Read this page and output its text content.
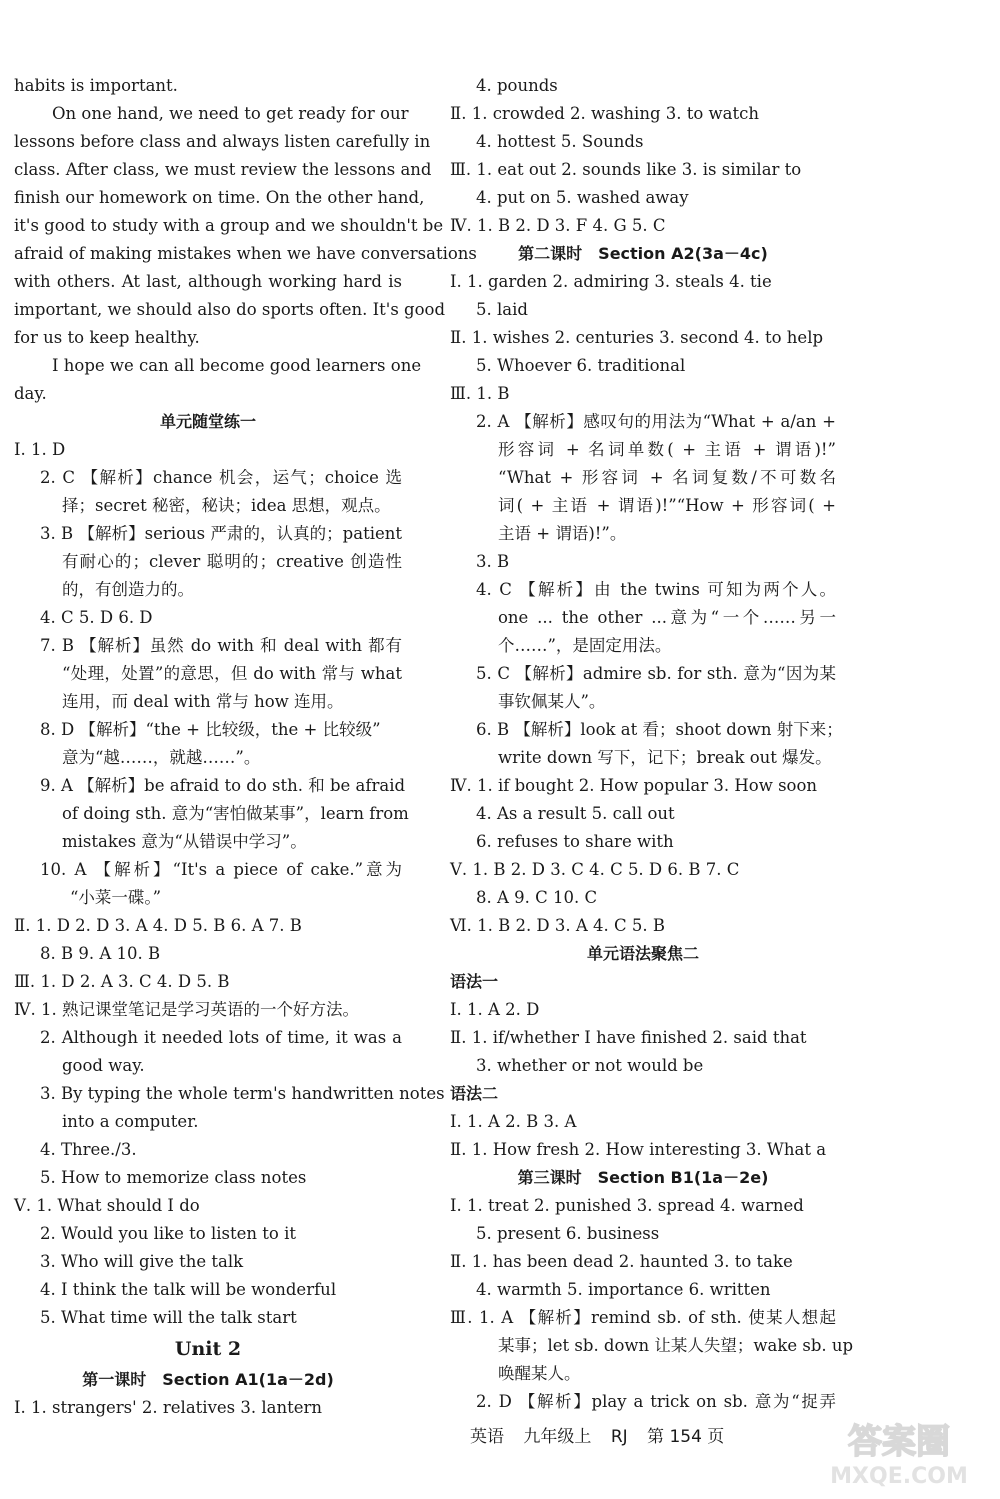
habits is important.
On one hand, we need to get ready for our
lessons before class and always listen carefully in
class. After class, we must review the lessons and
finish our homework on time. On the other hand,
it's good to study with a group and we shouldn't be
afraid of making mistakes when we have conversations
with others. At last, although working hard is
important, we should also do sports often. It's good
for us to keep healthy.
I hope we can all become good learners one
day.
单元随堂练一
Ⅰ. 1. D
2. C 【解析】chance 机会，运气；choice 选
择；secret 秘密，秘诀；idea 思想，观点。
3. B 【解析】serious 严肃的，认真的；patient
有耐心的；clever 聪明的；creative 创造性
的，有创造力的。
4. C 5. D 6. D
7. B 【解析】虽然 do with 和 deal with 都有
“处理，处置”的意思，但 do with 常与 what
连用，而 deal with 常与 how 连用。
8. D 【解析】“the + 比较级，the + 比较级”
意为“越……，就越……”。
9. A 【解析】be afraid to do sth. 和 be afraid
of doing sth. 意为“害怕做某事”，learn from
mistakes 意为“从错误中学习”。
10. A 【解析】“It's a piece of cake.”意为
“小菜一碟。”
Ⅱ. 1. D 2. D 3. A 4. D 5. B 6. A 7. B
8. B 9. A 10. B
Ⅲ. 1. D 2. A 3. C 4. D 5. B
Ⅳ. 1. 熟记课堂笔记是学习英语的一个好方法。
2. Although it needed lots of time, it was a
good way.
3. By typing the whole term's handwritten notes
into a computer.
4. Three./3.
5. How to memorize class notes
Ⅴ. 1. What should I do
2. Would you like to listen to it
3. Who will give the talk
4. I think the talk will be wonderful
5. What time will the talk start
Unit 2
第一课时　Section A1(1a－2d)
Ⅰ. 1. strangers' 2. relatives 3. lantern
4. pounds
Ⅱ. 1. crowded 2. washing 3. to watch
4. hottest 5. Sounds
Ⅲ. 1. eat out 2. sounds like 3. is similar to
4. put on 5. washed away
Ⅳ. 1. B 2. D 3. F 4. G 5. C
第二课时　Section A2(3a－4c)
Ⅰ. 1. garden 2. admiring 3. steals 4. tie
5. laid
Ⅱ. 1. wishes 2. centuries 3. second 4. to help
5. Whoever 6. traditional
Ⅲ. 1. B
2. A 【解析】感叹句的用法为“What + a/an +
形容词 + 名词单数( + 主语 + 谓语)!”
“What + 形容词 + 名词复数/不可数名
词( + 主语 + 谓语)!”“How + 形容词( +
主语 + 谓语)!”。
3. B
4. C 【解析】由 the twins 可知为两个人。
one ... the other ...意为“一个……另一
个……”，是固定用法。
5. C 【解析】admire sb. for sth. 意为“因为某
事钦佩某人”。
6. B 【解析】look at 看；shoot down 射下来；
write down 写下，记下；break out 爆发。
Ⅳ. 1. if bought 2. How popular 3. How soon
4. As a result 5. call out
6. refuses to share with
Ⅴ. 1. B 2. D 3. C 4. C 5. D 6. B 7. C
8. A 9. C 10. C
Ⅵ. 1. B 2. D 3. A 4. C 5. B
单元语法聚焦二
语法一
Ⅰ. 1. A 2. D
Ⅱ. 1. if/whether I have finished 2. said that
3. whether or not would be
语法二
Ⅰ. 1. A 2. B 3. A
Ⅱ. 1. How fresh 2. How interesting 3. What a
第三课时　Section B1(1a－2e)
Ⅰ. 1. treat 2. punished 3. spread 4. warned
5. present 6. business
Ⅱ. 1. has been dead 2. haunted 3. to take
4. warmth 5. importance 6. written
Ⅲ. 1. A 【解析】remind sb. of sth. 使某人想起
某事；let sb. down 让某人失望；wake sb. up
唤醒某人。
2. D 【解析】play a trick on sb. 意为“捉弄
英语 九年级上 RJ 第 154 页	答案圈
MXQE.COM
